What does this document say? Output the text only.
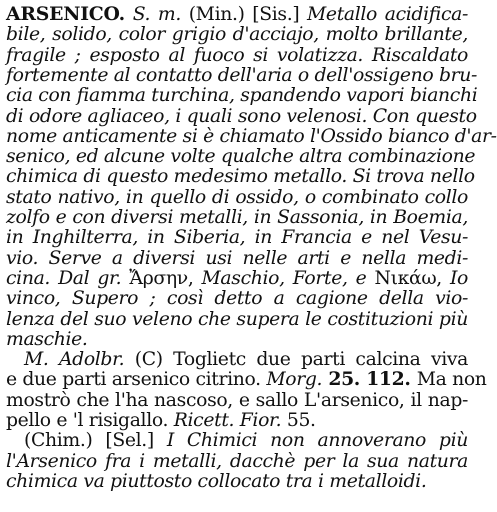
ARSENICO. S. m. (Min.) [Sis.] Metallo acidifica-
bile, solido, color grigio d'acciajo, molto brillante,
fragile ; esposto al fuoco si volatizza. Riscaldato
fortemente al contatto dell'aria o dell'ossigeno bru-
cia con fiamma turchina, spandendo vapori bianchi
di odore agliaceo, i quali sono velenosi. Con questo
nome anticamente si è chiamato l'Ossido bianco d'ar-
senico, ed alcune volte qualche altra combinazione
chimica di questo medesimo metallo. Si trova nello
stato nativo, in quello di ossido, o combinato collo
zolfo e con diversi metalli, in Sassonia, in Boemia,
in Inghilterra, in Siberia, in Francia e nel Vesu-
vio. Serve a diversi usi nelle arti e nella medi-
cina. Dal gr. Ἄρσην, Maschio, Forte, e Νικάω, Io
vinco, Supero ; così detto a cagione della vio-
lenza del suo veleno che supera le costituzioni più
maschie.
M. Adolbr. (C) Toglietc due parti calcina viva
e due parti arsenico citrino. Morg. 25. 112. Ma non
mostrò che l'ha nascoso, e sallo L'arsenico, il nap-
pello e 'l risigallo. Ricett. Fior. 55.
(Chim.) [Sel.] I Chimici non annoverano più
l'Arsenico fra i metalli, dacchè per la sua natura
chimica va piuttosto collocato tra i metalloidi.
